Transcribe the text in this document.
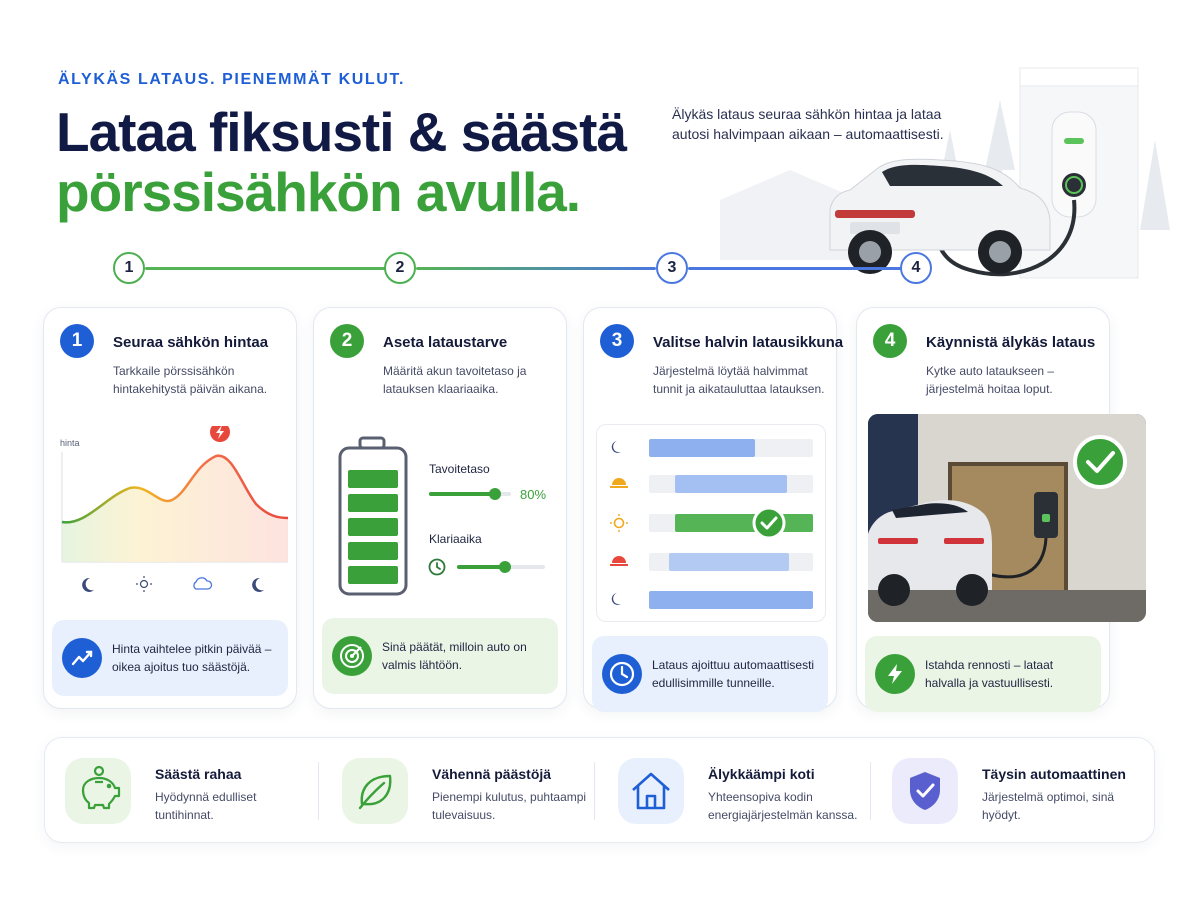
ÄLYKÄS LATAUS. PIENEMMÄT KULUT.
Lataa fiksusti & säästä
pörssisähkön avulla.
Älykäs lataus seuraa sähkön hintaa ja lataa autosi halvimpaan aikaan – automaattisesti.
1	2	3	4
1	Seuraa sähkön hintaa
Tarkkaile pörssisähkön hintakehitystä päivän aikana.
hinta
Hinta vaihtelee pitkin päivää – oikea ajoitus tuo säästöjä.
2	Aseta lataustarve
Määritä akun tavoitetaso ja latauksen klaariaaika.
Tavoitetaso
80%
Klariaaika
Sinä päätät, milloin auto on valmis lähtöön.
3	Valitse halvin latausikkuna
Järjestelmä löytää halvimmat tunnit ja aikatauluttaa latauksen.
Lataus ajoittuu automaattisesti edullisimmille tunneille.
4	Käynnistä älykäs lataus
Kytke auto lataukseen – järjestelmä hoitaa loput.
Istahda rennosti – lataat halvalla ja vastuullisesti.
Säästä rahaa
Hyödynnä edulliset tuntihinnat.
Vähennä päästöjä
Pienempi kulutus, puhtaampi tulevaisuus.
Älykkäämpi koti
Yhteensopiva kodin energiajärjestelmän kanssa.
Täysin automaattinen
Järjestelmä optimoi, sinä hyödyt.
